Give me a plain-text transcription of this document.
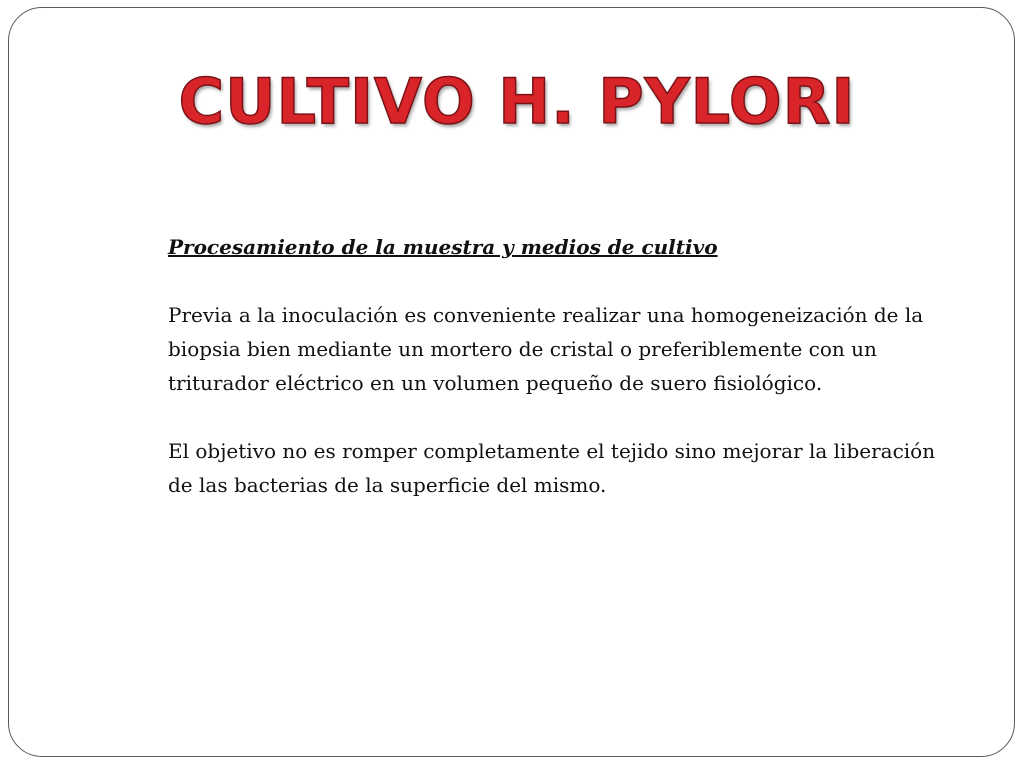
CULTIVO H. PYLORI

Procesamiento de la muestra y medios de cultivo

Previa a la inoculación es conveniente realizar una homogeneización de la biopsia bien mediante un mortero de cristal o preferiblemente con un triturador eléctrico en un volumen pequeño de suero fisiológico.

El objetivo no es romper completamente el tejido sino mejorar la liberación de las bacterias de la superficie del mismo.
